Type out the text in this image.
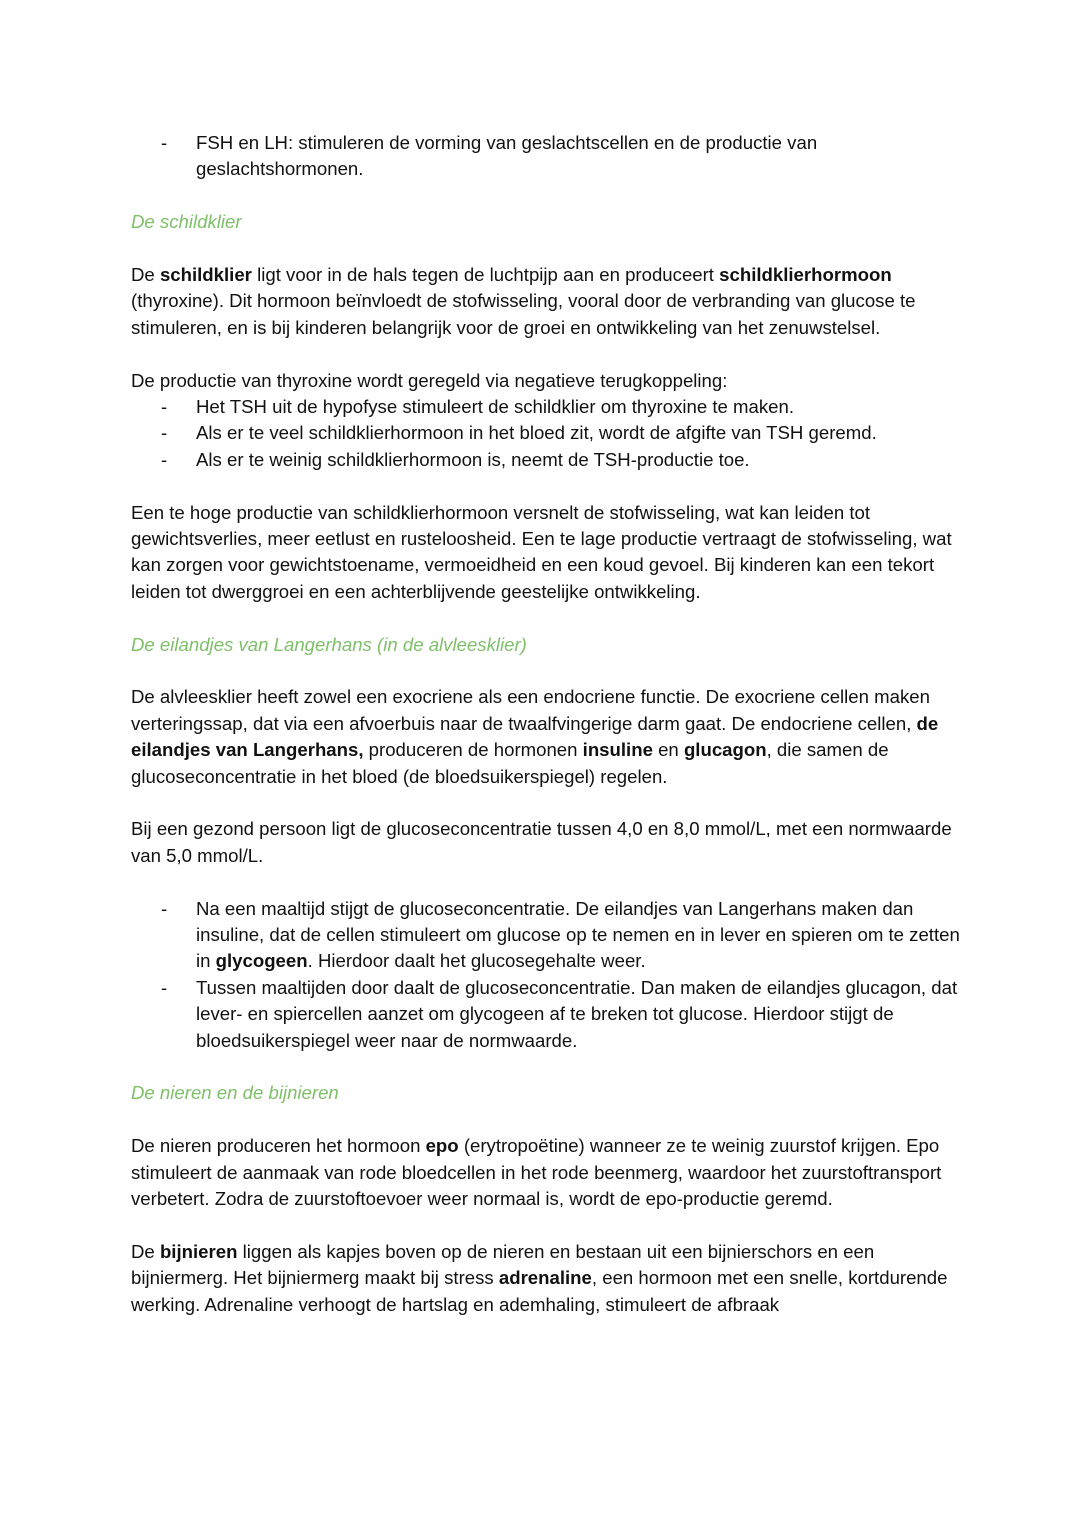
- FSH en LH: stimuleren de vorming van geslachtscellen en de productie van geslachtshormonen.

De schildklier

De schildklier ligt voor in de hals tegen de luchtpijp aan en produceert schildklierhormoon (thyroxine). Dit hormoon beïnvloedt de stofwisseling, vooral door de verbranding van glucose te stimuleren, en is bij kinderen belangrijk voor de groei en ontwikkeling van het zenuwstelsel.

De productie van thyroxine wordt geregeld via negatieve terugkoppeling:

- Het TSH uit de hypofyse stimuleert de schildklier om thyroxine te maken.
- Als er te veel schildklierhormoon in het bloed zit, wordt de afgifte van TSH geremd.
- Als er te weinig schildklierhormoon is, neemt de TSH-productie toe.

Een te hoge productie van schildklierhormoon versnelt de stofwisseling, wat kan leiden tot gewichtsverlies, meer eetlust en rusteloosheid. Een te lage productie vertraagt de stofwisseling, wat kan zorgen voor gewichtstoename, vermoeidheid en een koud gevoel. Bij kinderen kan een tekort leiden tot dwerggroei en een achterblijvende geestelijke ontwikkeling.

De eilandjes van Langerhans (in de alvleesklier)

De alvleesklier heeft zowel een exocriene als een endocriene functie. De exocriene cellen maken verteringssap, dat via een afvoerbuis naar de twaalfvingerige darm gaat. De endocriene cellen, de eilandjes van Langerhans, produceren de hormonen insuline en glucagon, die samen de glucoseconcentratie in het bloed (de bloedsuikerspiegel) regelen.

Bij een gezond persoon ligt de glucoseconcentratie tussen 4,0 en 8,0 mmol/L, met een normwaarde van 5,0 mmol/L.

- Na een maaltijd stijgt de glucoseconcentratie. De eilandjes van Langerhans maken dan insuline, dat de cellen stimuleert om glucose op te nemen en in lever en spieren om te zetten in glycogeen. Hierdoor daalt het glucosegehalte weer.
- Tussen maaltijden door daalt de glucoseconcentratie. Dan maken de eilandjes glucagon, dat lever- en spiercellen aanzet om glycogeen af te breken tot glucose. Hierdoor stijgt de bloedsuikerspiegel weer naar de normwaarde.

De nieren en de bijnieren

De nieren produceren het hormoon epo (erytropoëtine) wanneer ze te weinig zuurstof krijgen. Epo stimuleert de aanmaak van rode bloedcellen in het rode beenmerg, waardoor het zuurstoftransport verbetert. Zodra de zuurstoftoevoer weer normaal is, wordt de epo-productie geremd.

De bijnieren liggen als kapjes boven op de nieren en bestaan uit een bijnierschors en een bijniermerg. Het bijniermerg maakt bij stress adrenaline, een hormoon met een snelle, kortdurende werking. Adrenaline verhoogt de hartslag en ademhaling, stimuleert de afbraak
